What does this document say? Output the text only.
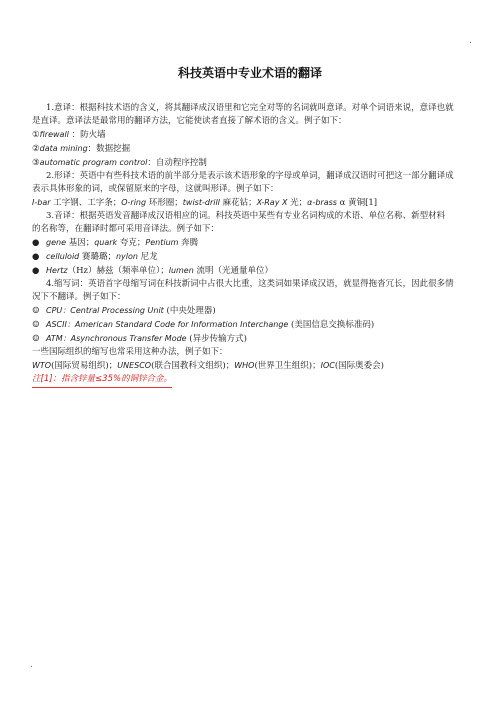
.
科技英语中专业术语的翻译
1.意译：根据科技术语的含义，将其翻译成汉语里和它完全对等的名词就叫意译。对单个词语来说，意译也就
是直译。意译法是最常用的翻译方法，它能使读者直接了解术语的含义。例子如下：
①firewall ：防火墙
②data mining：数据挖掘
③automatic program control：自动程序控制
2.形译：英语中有些科技术语的前半部分是表示该术语形象的字母或单词，翻译成汉语时可把这一部分翻译成
表示具体形象的词，或保留原来的字母，这就叫形译。例子如下：
I-bar 工字钢、工字条；O-ring 环形圈；twist-drill 麻花钻；X-Ray X 光；α-brass α 黄铜[1]
3.音译：根据英语发音翻译成汉语相应的词。科技英语中某些有专业名词构成的术语、单位名称、新型材料
的名称等，在翻译时都可采用音译法。例子如下：
● gene 基因；quark 夸克；Pentium 奔腾
● celluloid 赛璐璐；nylon 尼龙
● Hertz（Hz）赫兹（频率单位）；lumen 流明（光通量单位）
4.缩写词：英语首字母缩写词在科技新词中占很大比重，这类词如果译成汉语，就显得拖沓冗长，因此很多情
况下不翻译。例子如下：
☺ CPU：Central Processing Unit (中央处理器)
☺ ASCII：American Standard Code for Information Interchange (美国信息交换标准码)
☺ ATM：Asynchronous Transfer Mode (异步传输方式)
一些国际组织的缩写也常采用这种办法，例子如下：
WTO(国际贸易组织)；UNESCO(联合国教科文组织)；WHO(世界卫生组织)；IOC(国际奥委会)
注[1]：指含锌量≤35%的铜锌合金。
.
